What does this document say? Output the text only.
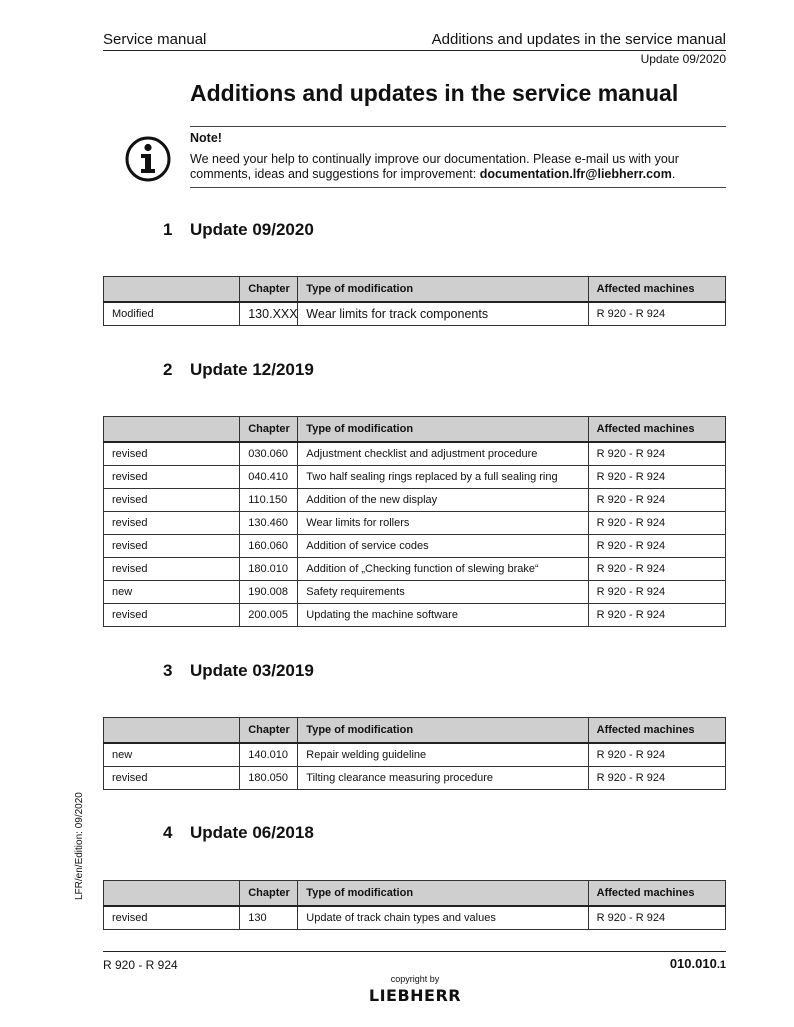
Service manual	Additions and updates in the service manual
Update 09/2020
Additions and updates in the service manual
Note!
We need your help to continually improve our documentation. Please e-mail us with your comments, ideas and suggestions for improvement: documentation.lfr@liebherr.com.
1 Update 09/2020
	Chapter	Type of modification	Affected machines
Modified	130.XXX	Wear limits for track components	R 920 - R 924
2 Update 12/2019
	Chapter	Type of modification	Affected machines
revised	030.060	Adjustment checklist and adjustment procedure	R 920 - R 924
revised	040.410	Two half sealing rings replaced by a full sealing ring	R 920 - R 924
revised	110.150	Addition of the new display	R 920 - R 924
revised	130.460	Wear limits for rollers	R 920 - R 924
revised	160.060	Addition of service codes	R 920 - R 924
revised	180.010	Addition of „Checking function of slewing brake“	R 920 - R 924
new	190.008	Safety requirements	R 920 - R 924
revised	200.005	Updating the machine software	R 920 - R 924
3 Update 03/2019
	Chapter	Type of modification	Affected machines
new	140.010	Repair welding guideline	R 920 - R 924
revised	180.050	Tilting clearance measuring procedure	R 920 - R 924
4 Update 06/2018
	Chapter	Type of modification	Affected machines
revised	130	Update of track chain types and values	R 920 - R 924
LFR/en/Edition: 09/2020
R 920 - R 924	010.010.1
copyright by
LIEBHERR
